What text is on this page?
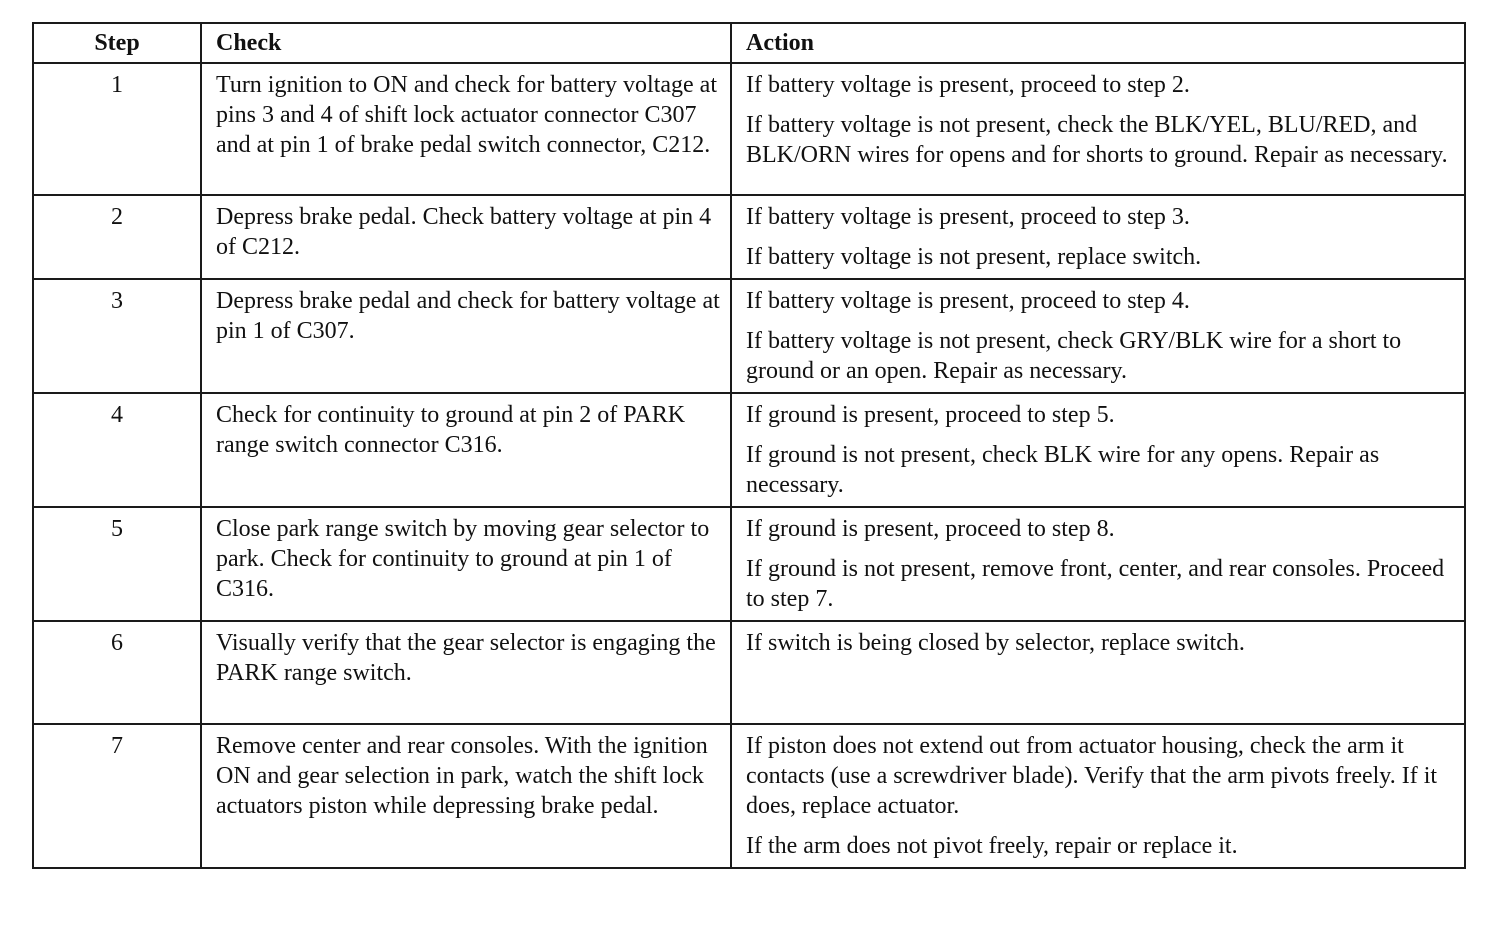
Step	Check	Action
1	Turn ignition to ON and check for battery voltage at pins 3 and 4 of shift lock actuator connector C307 and at pin 1 of brake pedal switch connector, C212.	If battery voltage is present, proceed to step 2.
If battery voltage is not present, check the BLK/YEL, BLU/RED, and BLK/ORN wires for opens and for shorts to ground. Repair as necessary.

2	Depress brake pedal. Check battery voltage at pin 4 of C212.	If battery voltage is present, proceed to step 3.
If battery voltage is not present, replace switch.

3	Depress brake pedal and check for battery voltage at pin 1 of C307.	If battery voltage is present, proceed to step 4.
If battery voltage is not present, check GRY/BLK wire for a short to ground or an open. Repair as necessary.

4	Check for continuity to ground at pin 2 of PARK range switch connector C316.	If ground is present, proceed to step 5.
If ground is not present, check BLK wire for any opens. Repair as necessary.

5	Close park range switch by moving gear selector to park. Check for continuity to ground at pin 1 of C316.	If ground is present, proceed to step 8.
If ground is not present, remove front, center, and rear consoles. Proceed to step 7.

6	Visually verify that the gear selector is engaging the PARK range switch.	If switch is being closed by selector, replace switch.

7	Remove center and rear consoles. With the ignition ON and gear selection in park, watch the shift lock actuators piston while depressing brake pedal.	If piston does not extend out from actuator housing, check the arm it contacts (use a screwdriver blade). Verify that the arm pivots freely. If it does, replace actuator.
If the arm does not pivot freely, repair or replace it.
